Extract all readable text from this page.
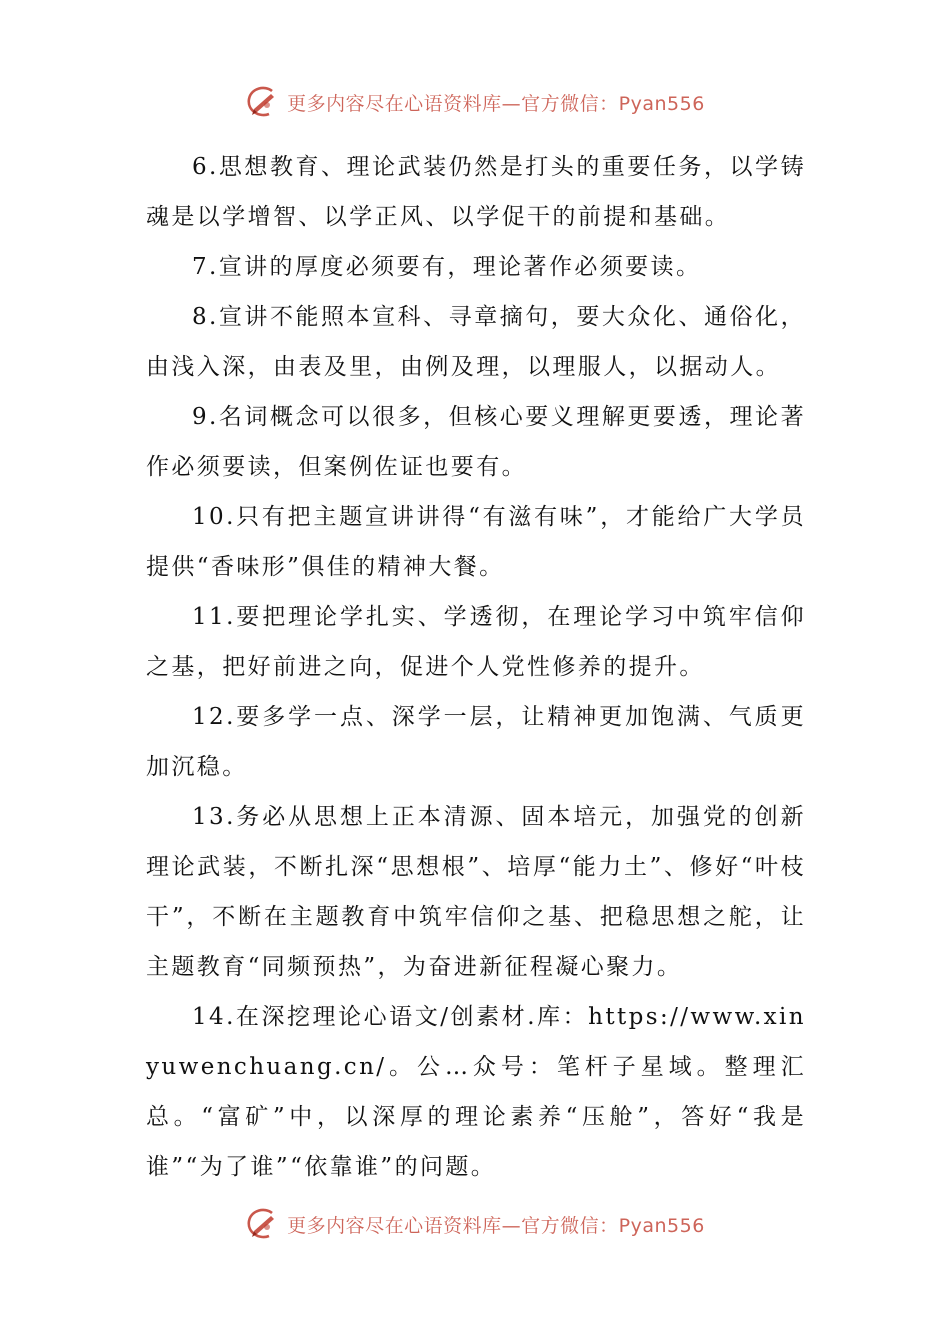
更多内容尽在心语资料库—官方微信：Pyan556

6.思想教育、理论武装仍然是打头的重要任务，以学铸魂是以学增智、以学正风、以学促干的前提和基础。

7.宣讲的厚度必须要有，理论著作必须要读。

8.宣讲不能照本宣科、寻章摘句，要大众化、通俗化，由浅入深，由表及里，由例及理，以理服人，以据动人。

9.名词概念可以很多，但核心要义理解更要透，理论著作必须要读，但案例佐证也要有。

10.只有把主题宣讲讲得“有滋有味”，才能给广大学员提供“香味形”俱佳的精神大餐。

11.要把理论学扎实、学透彻，在理论学习中筑牢信仰之基，把好前进之向，促进个人党性修养的提升。

12.要多学一点、深学一层，让精神更加饱满、气质更加沉稳。

13.务必从思想上正本清源、固本培元，加强党的创新理论武装，不断扎深“思想根”、培厚“能力土”、修好“叶枝干”，不断在主题教育中筑牢信仰之基、把稳思想之舵，让主题教育“同频预热”，为奋进新征程凝心聚力。

14.在深挖理论心语文/创素材.库：https://www.xinyuwenchuang.cn/。公…众号：笔杆子星域。整理汇总。“富矿”中，以深厚的理论素养“压舱”，答好“我是谁”“为了谁”“依靠谁”的问题。

更多内容尽在心语资料库—官方微信：Pyan556
